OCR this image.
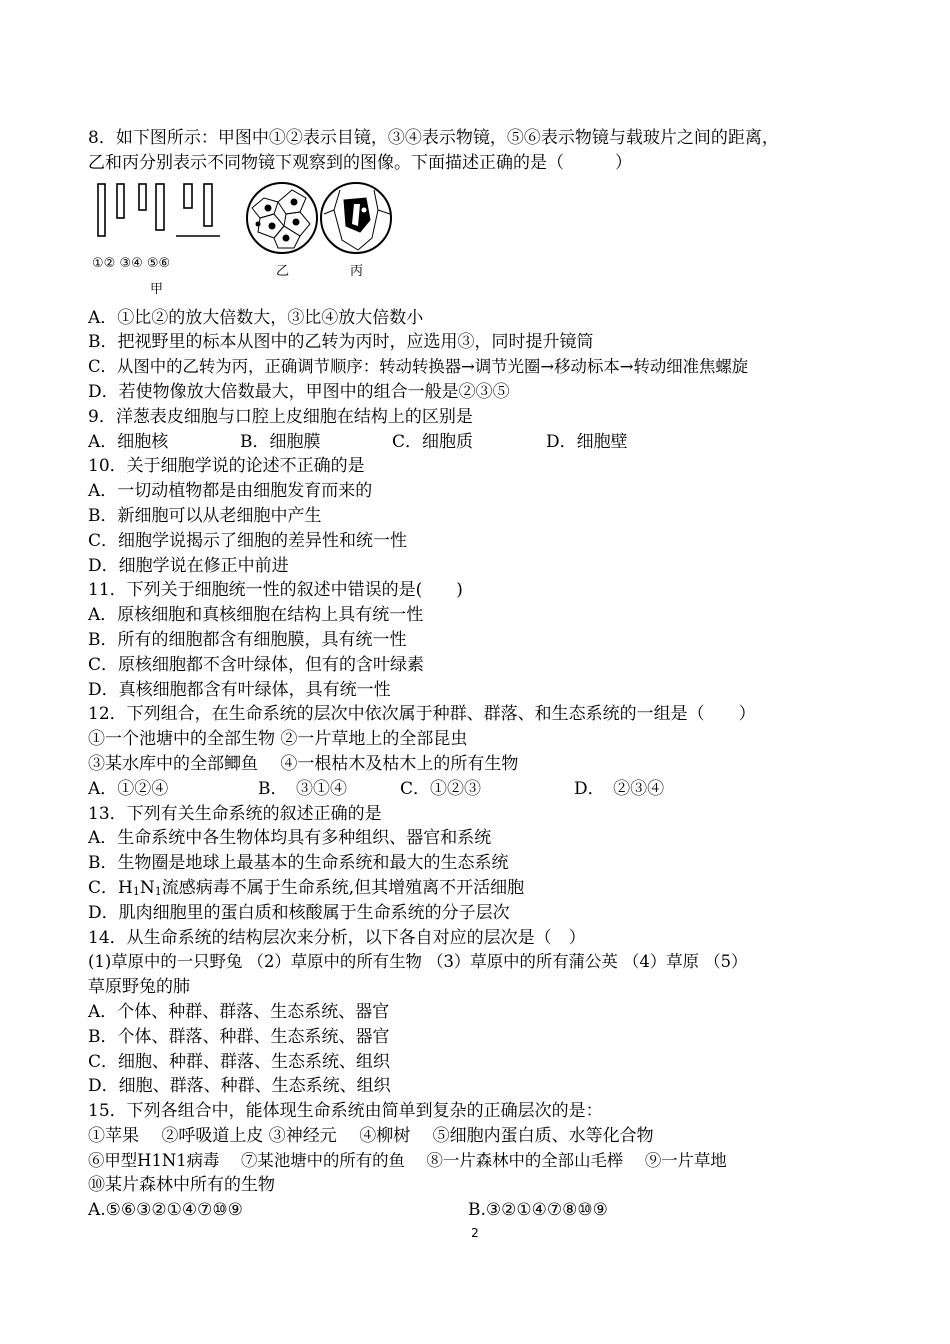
8．如下图所示：甲图中①②表示目镜，③④表示物镜，⑤⑥表示物镜与载玻片之间的距离，
乙和丙分别表示不同物镜下观察到的图像。下面描述正确的是（　　　）
①② ③④ ⑤⑥
甲
乙	丙
A．①比②的放大倍数大，③比④放大倍数小
B．把视野里的标本从图中的乙转为丙时，应选用③，同时提升镜筒
C．从图中的乙转为丙，正确调节顺序：转动转换器→调节光圈→移动标本→转动细准焦螺旋
D．若使物像放大倍数最大，甲图中的组合一般是②③⑤
9．洋葱表皮细胞与口腔上皮细胞在结构上的区别是
A．细胞核	B．细胞膜	C．细胞质	D．细胞壁
10．关于细胞学说的论述不正确的是
A．一切动植物都是由细胞发育而来的
B．新细胞可以从老细胞中产生
C．细胞学说揭示了细胞的差异性和统一性
D．细胞学说在修正中前进
11．下列关于细胞统一性的叙述中错误的是(　　)
A．原核细胞和真核细胞在结构上具有统一性
B．所有的细胞都含有细胞膜，具有统一性
C．原核细胞都不含叶绿体，但有的含叶绿素
D．真核细胞都含有叶绿体，具有统一性
12．下列组合，在生命系统的层次中依次属于种群、群落、和生态系统的一组是（　　）
①一个池塘中的全部生物 ②一片草地上的全部昆虫
③某水库中的全部鲫鱼　 ④一根枯木及枯木上的所有生物
A．①②④	B．　③①④	C．①②③	D．　②③④
13．下列有关生命系统的叙述正确的是
A．生命系统中各生物体均具有多种组织、器官和系统
B．生物圈是地球上最基本的生命系统和最大的生态系统
C．H1N1流感病毒不属于生命系统,但其增殖离不开活细胞
D．肌肉细胞里的蛋白质和核酸属于生命系统的分子层次
14．从生命系统的结构层次来分析，以下各自对应的层次是（　）
(1)草原中的一只野兔 （2）草原中的所有生物 （3）草原中的所有蒲公英 （4）草原 （5）
草原野兔的肺
A．个体、种群、群落、生态系统、器官
B．个体、群落、种群、生态系统、器官
C．细胞、种群、群落、生态系统、组织
D．细胞、群落、种群、生态系统、组织
15．下列各组合中，能体现生命系统由简单到复杂的正确层次的是：
①苹果　 ②呼吸道上皮 ③神经元　 ④柳树　 ⑤细胞内蛋白质、水等化合物
⑥甲型H1N1病毒　 ⑦某池塘中的所有的鱼　 ⑧一片森林中的全部山毛榉　 ⑨一片草地
⑩某片森林中所有的生物
A.⑤⑥③②①④⑦⑩⑨	B.③②①④⑦⑧⑩⑨
2
